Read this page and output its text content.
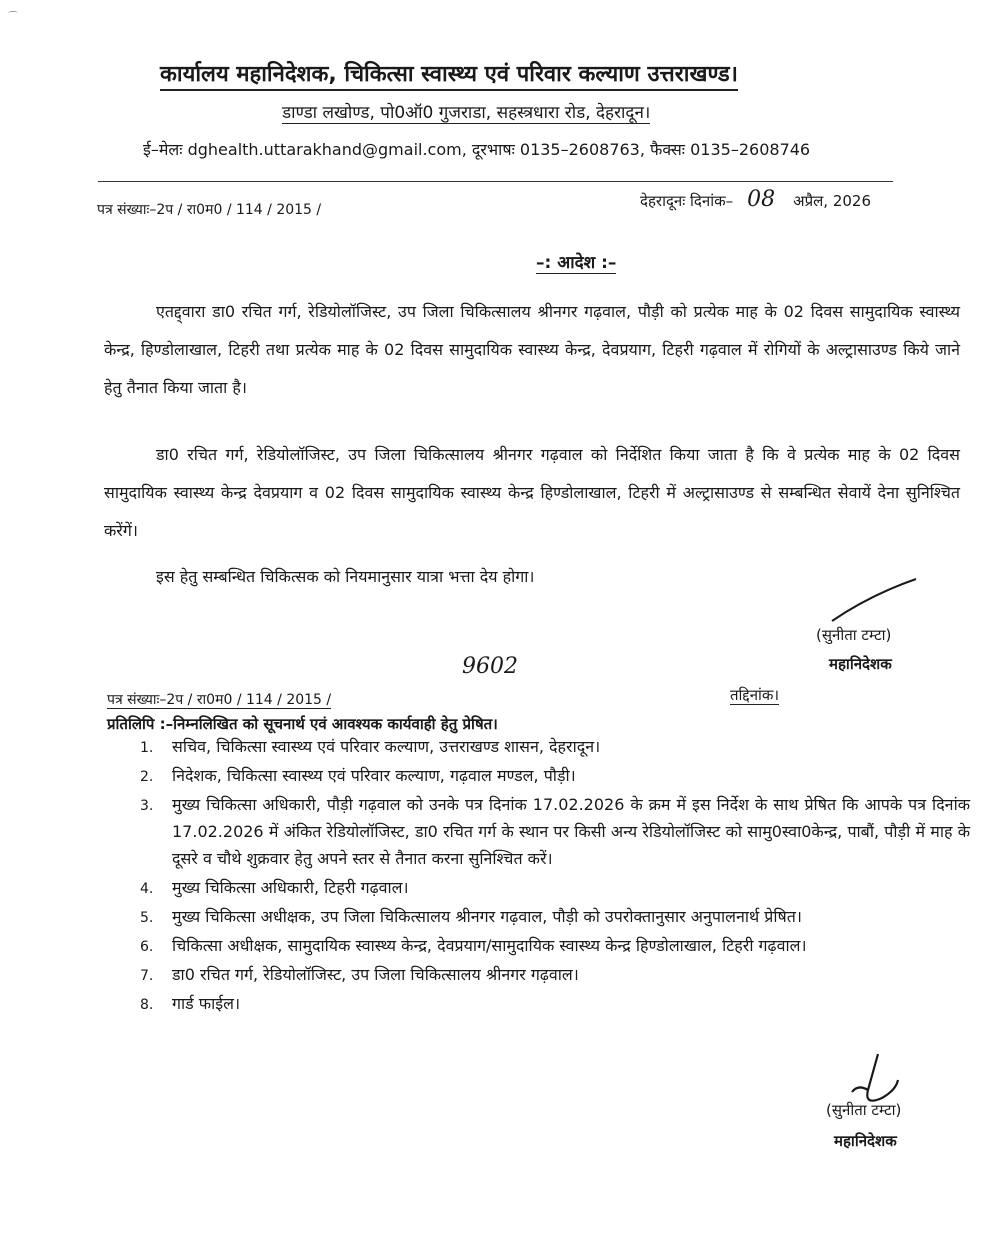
⌒
कार्यालय महानिदेशक, चिकित्सा स्वास्थ्य एवं परिवार कल्याण उत्तराखण्ड।
डाण्डा लखोण्ड, पो0ऑ0 गुजराडा, सहस्त्रधारा रोड, देहरादून।
ई–मेलः dghealth.uttarakhand@gmail.com, दूरभाषः 0135–2608763, फैक्सः 0135–2608746
पत्र संख्याः–2प / रा0म0 / 114 / 2015 /	देहरादूनः दिनांक– 08 अप्रैल, 2026
–: आदेश :–

एतद्द्वारा डा0 रचित गर्ग, रेडियोलॉजिस्ट, उप जिला चिकित्सालय श्रीनगर गढ़वाल, पौड़ी को प्रत्येक माह के 02 दिवस सामुदायिक स्वास्थ्य केन्द्र, हिण्डोलाखाल, टिहरी तथा प्रत्येक माह के 02 दिवस सामुदायिक स्वास्थ्य केन्द्र, देवप्रयाग, टिहरी गढ़वाल में रोगियों के अल्ट्रासाउण्ड किये जाने हेतु तैनात किया जाता है।

डा0 रचित गर्ग, रेडियोलॉजिस्ट, उप जिला चिकित्सालय श्रीनगर गढ़वाल को निर्देशित किया जाता है कि वे प्रत्येक माह के 02 दिवस सामुदायिक स्वास्थ्य केन्द्र देवप्रयाग व 02 दिवस सामुदायिक स्वास्थ्य केन्द्र हिण्डोलाखाल, टिहरी में अल्ट्रासाउण्ड से सम्बन्धित सेवायें देना सुनिश्चित करेंगें।

इस हेतु सम्बन्धित चिकित्सक को नियमानुसार यात्रा भत्ता देय होगा।

(सुनीता टम्टा)
महानिदेशक
9602
पत्र संख्याः–2प / रा0म0 / 114 / 2015 /	तद्दिनांक।
प्रतिलिपि :–निम्नलिखित को सूचनार्थ एवं आवश्यक कार्यवाही हेतु प्रेषित।
1. सचिव, चिकित्सा स्वास्थ्य एवं परिवार कल्याण, उत्तराखण्ड शासन, देहरादून।
2. निदेशक, चिकित्सा स्वास्थ्य एवं परिवार कल्याण, गढ़वाल मण्डल, पौड़ी।
3. मुख्य चिकित्सा अधिकारी, पौड़ी गढ़वाल को उनके पत्र दिनांक 17.02.2026 के क्रम में इस निर्देश के साथ प्रेषित कि आपके पत्र दिनांक 17.02.2026 में अंकित रेडियोलॉजिस्ट, डा0 रचित गर्ग के स्थान पर किसी अन्य रेडियोलॉजिस्ट को सामु0स्वा0केन्द्र, पाबौं, पौड़ी में माह के दूसरे व चौथे शुक्रवार हेतु अपने स्तर से तैनात करना सुनिश्चित करें।
4. मुख्य चिकित्सा अधिकारी, टिहरी गढ़वाल।
5. मुख्य चिकित्सा अधीक्षक, उप जिला चिकित्सालय श्रीनगर गढ़वाल, पौड़ी को उपरोक्तानुसार अनुपालनार्थ प्रेषित।
6. चिकित्सा अधीक्षक, सामुदायिक स्वास्थ्य केन्द्र, देवप्रयाग/सामुदायिक स्वास्थ्य केन्द्र हिण्डोलाखाल, टिहरी गढ़वाल।
7. डा0 रचित गर्ग, रेडियोलॉजिस्ट, उप जिला चिकित्सालय श्रीनगर गढ़वाल।
8. गार्ड फाईल।
(सुनीता टम्टा)
महानिदेशक
